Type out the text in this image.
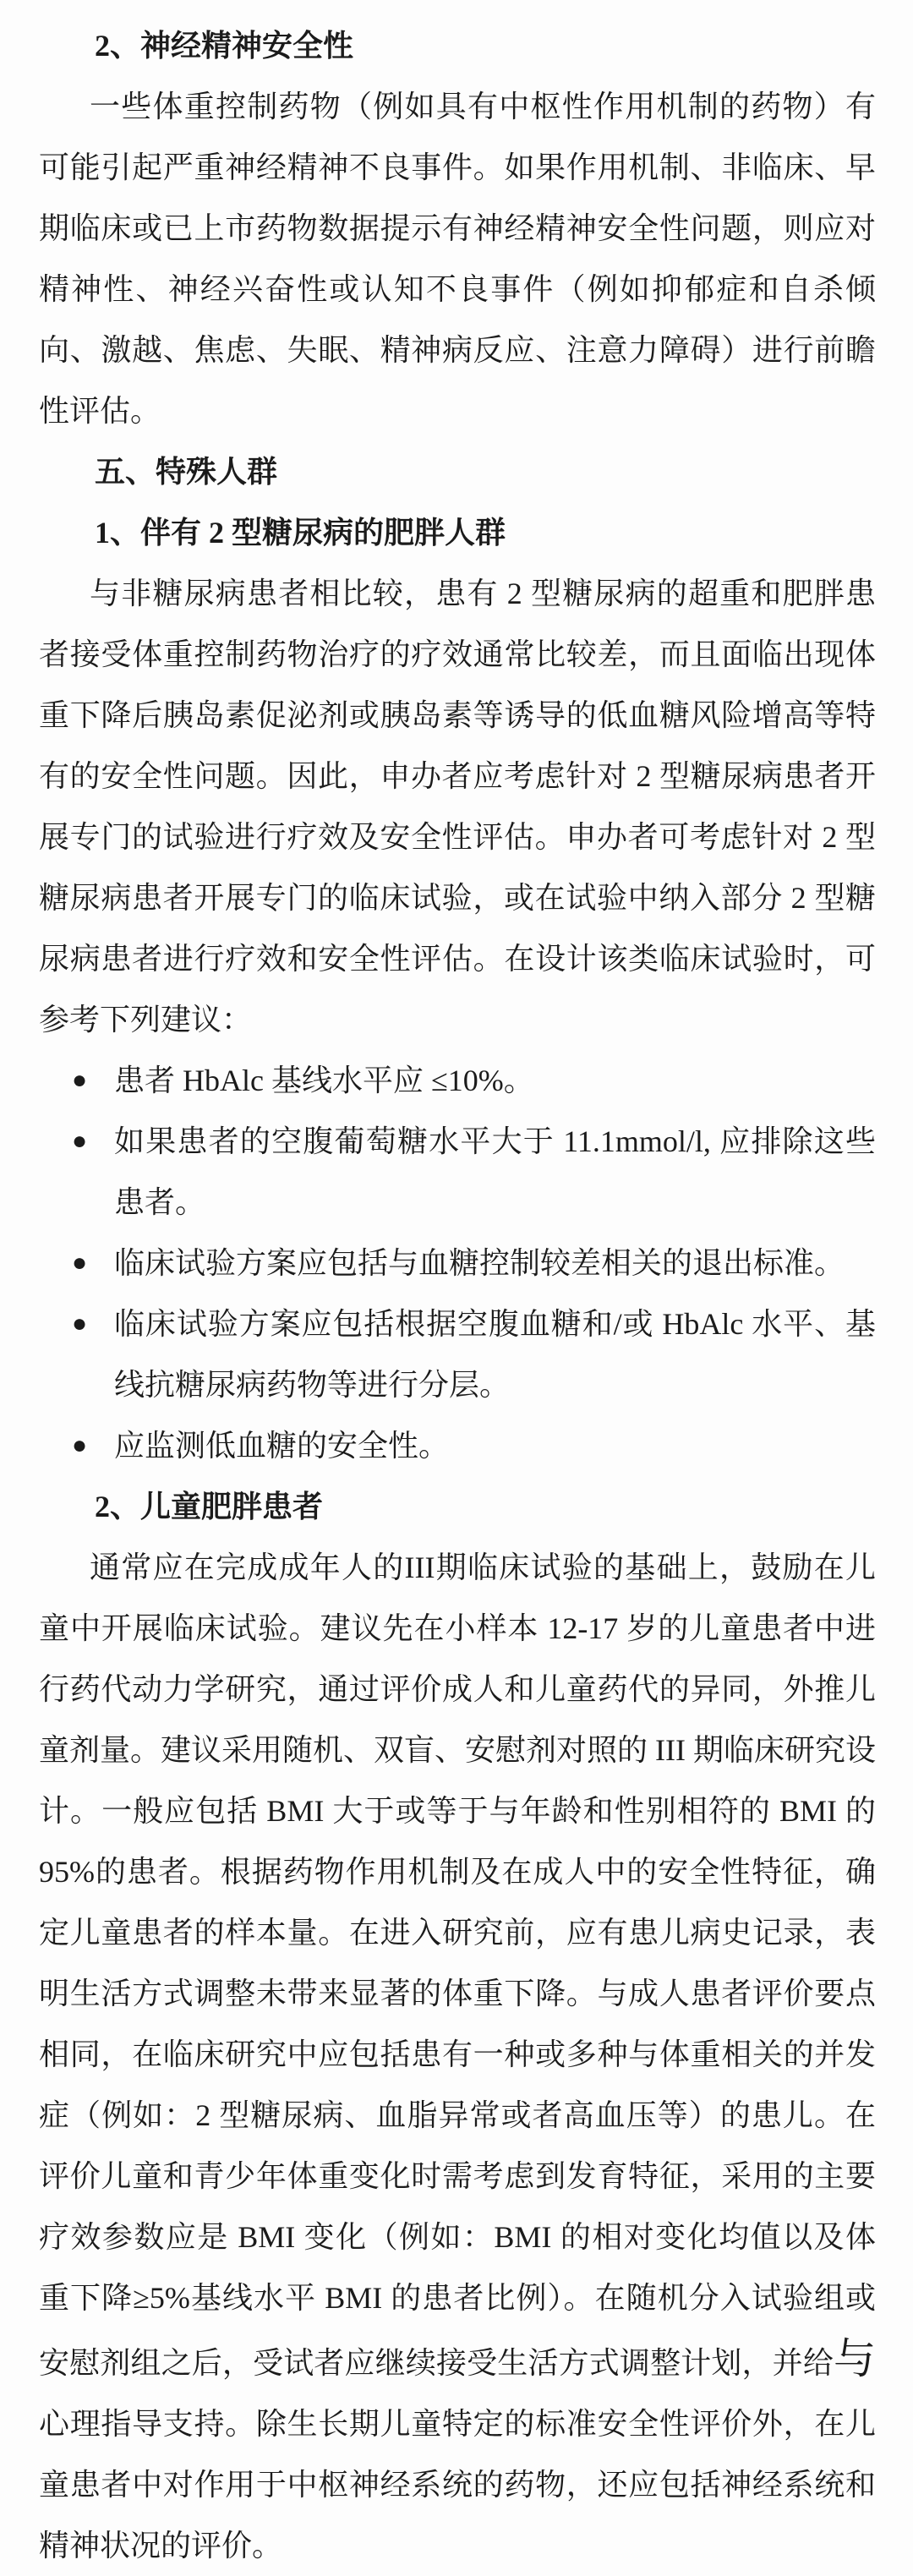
2、神经精神安全性

一些体重控制药物（例如具有中枢性作用机制的药物）有可能引起严重神经精神不良事件。如果作用机制、非临床、早期临床或已上市药物数据提示有神经精神安全性问题，则应对精神性、神经兴奋性或认知不良事件（例如抑郁症和自杀倾向、激越、焦虑、失眠、精神病反应、注意力障碍）进行前瞻性评估。

五、特殊人群
1、伴有 2 型糖尿病的肥胖人群

与非糖尿病患者相比较，患有 2 型糖尿病的超重和肥胖患者接受体重控制药物治疗的疗效通常比较差，而且面临出现体重下降后胰岛素促泌剂或胰岛素等诱导的低血糖风险增高等特有的安全性问题。因此，申办者应考虑针对 2 型糖尿病患者开展专门的试验进行疗效及安全性评估。申办者可考虑针对 2 型糖尿病患者开展专门的临床试验，或在试验中纳入部分 2 型糖尿病患者进行疗效和安全性评估。在设计该类临床试验时，可参考下列建议：

● 患者 HbAlc 基线水平应 ≤10%。
● 如果患者的空腹葡萄糖水平大于 11.1mmol/l, 应排除这些患者。
● 临床试验方案应包括与血糖控制较差相关的退出标准。
● 临床试验方案应包括根据空腹血糖和/或 HbAlc 水平、基线抗糖尿病药物等进行分层。
● 应监测低血糖的安全性。
2、儿童肥胖患者

通常应在完成成年人的III期临床试验的基础上，鼓励在儿童中开展临床试验。建议先在小样本 12-17 岁的儿童患者中进行药代动力学研究，通过评价成人和儿童药代的异同，外推儿童剂量。建议采用随机、双盲、安慰剂对照的 III 期临床研究设计。一般应包括 BMI 大于或等于与年龄和性别相符的 BMI 的 95%的患者。根据药物作用机制及在成人中的安全性特征，确定儿童患者的样本量。在进入研究前，应有患儿病史记录，表明生活方式调整未带来显著的体重下降。与成人患者评价要点相同，在临床研究中应包括患有一种或多种与体重相关的并发症（例如：2 型糖尿病、血脂异常或者高血压等）的患儿。在评价儿童和青少年体重变化时需考虑到发育特征，采用的主要疗效参数应是 BMI 变化（例如：BMI 的相对变化均值以及体重下降≥5%基线水平 BMI 的患者比例）。在随机分入试验组或安慰剂组之后，受试者应继续接受生活方式调整计划，并给与心理指导支持。除生长期儿童特定的标准安全性评价外，在儿童患者中对作用于中枢神经系统的药物，还应包括神经系统和精神状况的评价。
